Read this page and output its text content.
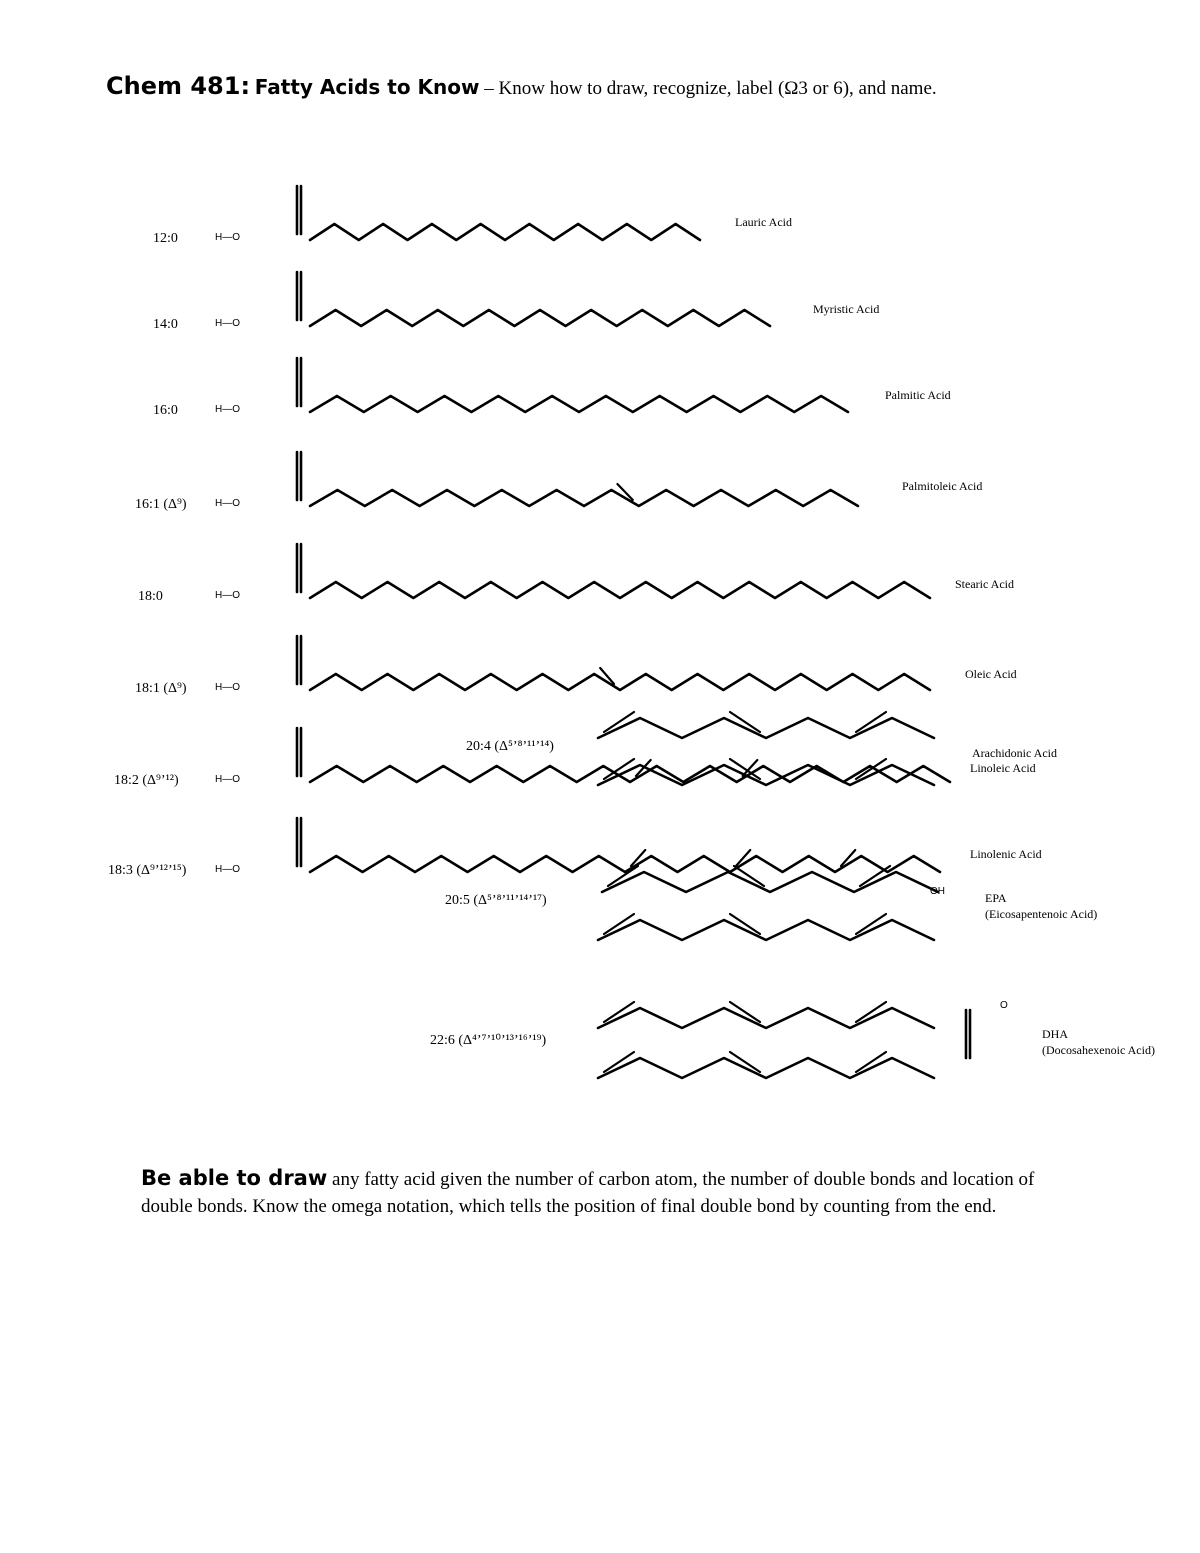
Chem 481: Fatty Acids to Know – Know how to draw, recognize, label (Ω3 or 6), and name.
12:0	H—O
Lauric Acid
14:0	H—O
Myristic Acid
16:0	H—O
Palmitic Acid
16:1 (Δ⁹)	H—O
Palmitoleic Acid
18:0	H—O
Stearic Acid
18:1 (Δ⁹)	H—O
Oleic Acid
18:2 (Δ⁹ʼ¹²)	H—O
Linoleic Acid
18:3 (Δ⁹ʼ¹²ʼ¹⁵)	H—O
Linolenic Acid
20:4 (Δ⁵ʼ⁸ʼ¹¹ʼ¹⁴)	Arachidonic Acid
20:5 (Δ⁵ʼ⁸ʼ¹¹ʼ¹⁴ʼ¹⁷)
OH	EPA
(Eicosapentenoic Acid)
22:6 (Δ⁴ʼ⁷ʼ¹⁰ʼ¹³ʼ¹⁶ʼ¹⁹)
O
DHA
(Docosahexenoic Acid)
Be able to draw any fatty acid given the number of carbon atom, the number of double bonds and location of double bonds. Know the omega notation, which tells the position of final double bond by counting from the end.
